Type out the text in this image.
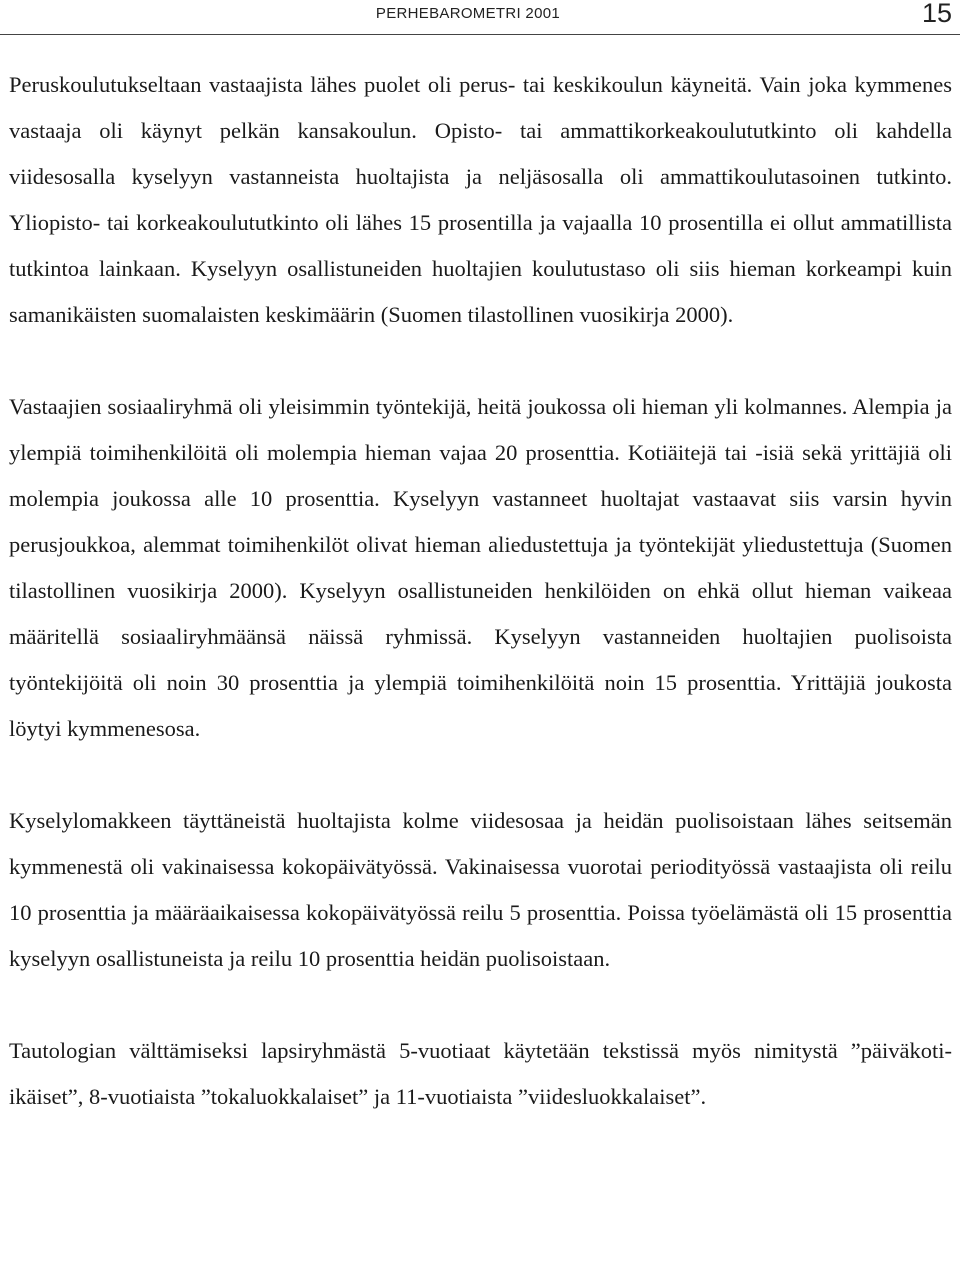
PERHEBAROMETRI 2001	15

Peruskoulutukseltaan vastaajista lähes puolet oli perus- tai keskikoulun käyneitä. Vain joka kymmenes vastaaja oli käynyt pelkän kansakoulun. Opisto- tai ammattikorkeakoulututkinto oli kahdella viidesosalla kyselyyn vastanneista huoltajista ja neljäsosalla oli ammattikoulutasoinen tutkinto. Yliopisto- tai korkeakoulututkinto oli lähes 15 prosentilla ja vajaalla 10 prosentilla ei ollut ammatillista tutkintoa lainkaan. Kyselyyn osallistuneiden huoltajien koulutustaso oli siis hieman korkeampi kuin samanikäisten suomalaisten keskimäärin (Suomen tilastollinen vuosikirja 2000).

Vastaajien sosiaaliryhmä oli yleisimmin työntekijä, heitä joukossa oli hieman yli kolmannes. Alempia ja ylempiä toimihenkilöitä oli molempia hieman vajaa 20 prosenttia. Kotiäitejä tai -isiä sekä yrittäjiä oli molempia joukossa alle 10 prosenttia. Kyselyyn vastanneet huoltajat vastaavat siis varsin hyvin perusjoukkoa, alemmat toimihenkilöt olivat hieman aliedustettuja ja työntekijät yliedustettuja (Suomen tilastollinen vuosikirja 2000). Kyselyyn osallistuneiden henkilöiden on ehkä ollut hieman vaikeaa määritellä sosiaaliryhmäänsä näissä ryhmissä. Kyselyyn vastanneiden huoltajien puolisoista työntekijöitä oli noin 30 prosenttia ja ylempiä toimihenkilöitä noin 15 prosenttia. Yrittäjiä joukosta löytyi kymmenesosa.

Kyselylomakkeen täyttäneistä huoltajista kolme viidesosaa ja heidän puolisoistaan lähes seitsemän kymmenestä oli vakinaisessa kokopäivätyössä. Vakinaisessa vuorotai periodityössä vastaajista oli reilu 10 prosenttia ja määräaikaisessa kokopäivätyössä reilu 5 prosenttia. Poissa työelämästä oli 15 prosenttia kyselyyn osallistuneista ja reilu 10 prosenttia heidän puolisoistaan.

Tautologian välttämiseksi lapsiryhmästä 5-vuotiaat käytetään tekstissä myös nimitystä ”päiväkoti-ikäiset”, 8-vuotiaista ”tokaluokkalaiset” ja 11-vuotiaista ”viidesluokkalaiset”.
